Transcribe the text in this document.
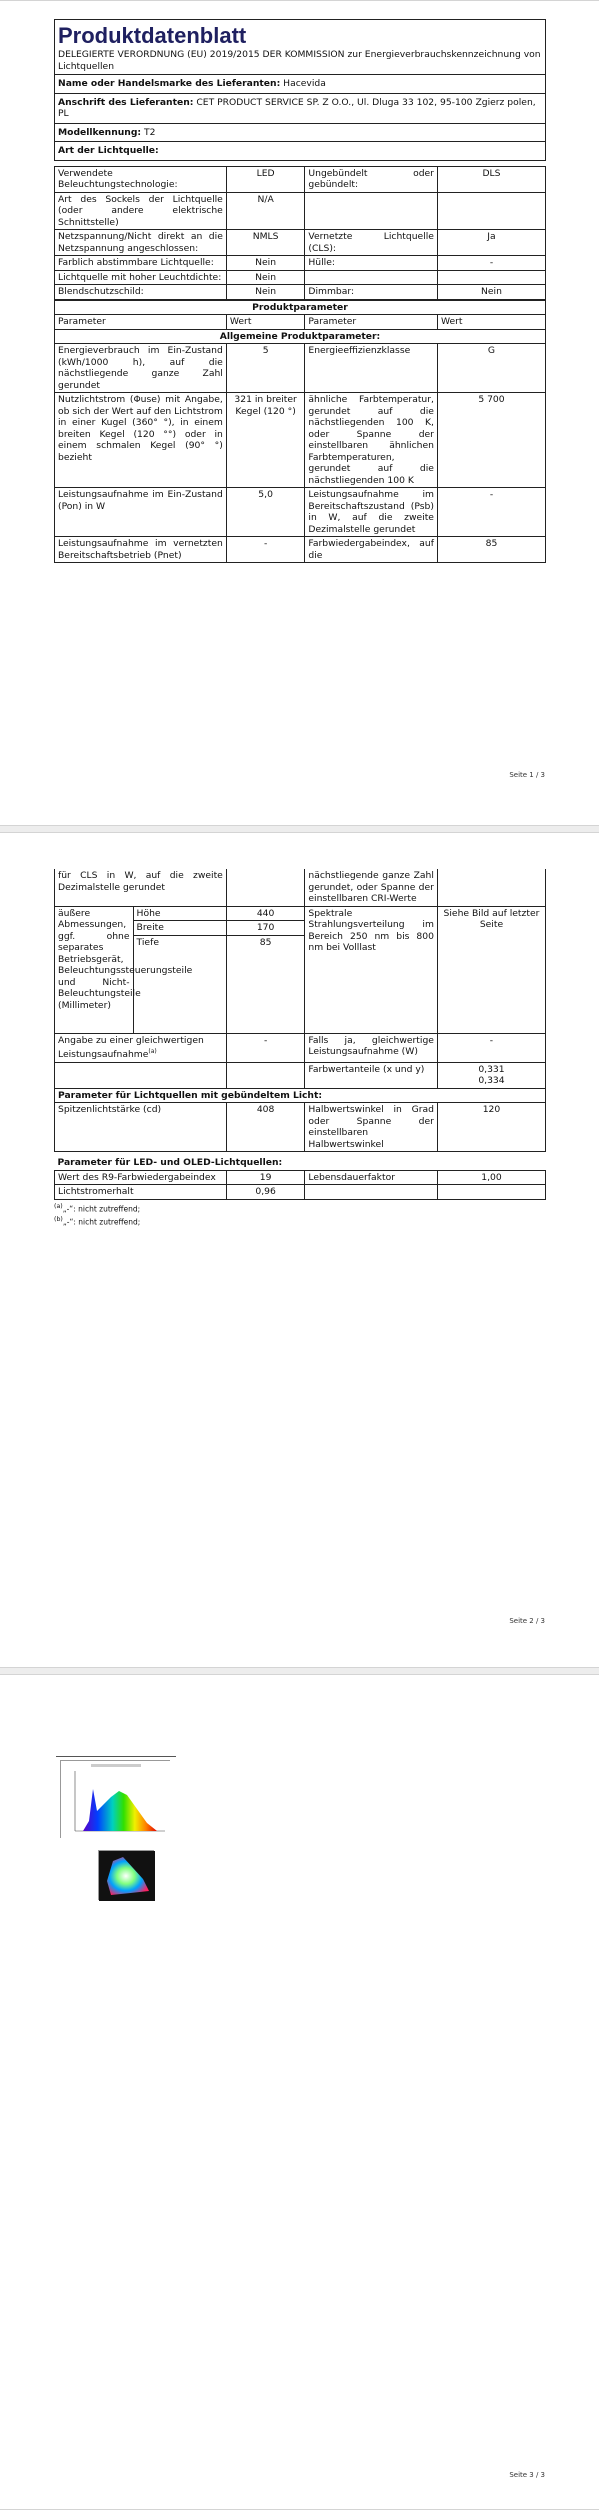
Produktdatenblatt
DELEGIERTE VERORDNUNG (EU) 2019/2015 DER KOMMISSION zur Energieverbrauchskennzeichnung von Lichtquellen
Name oder Handelsmarke des Lieferanten: Hacevida
Anschrift des Lieferanten: CET PRODUCT SERVICE SP. Z O.O., Ul. Dluga 33 102, 95-100 Zgierz polen, PL
Modellkennung: T2
Art der Lichtquelle:
Verwendete Beleuchtungstechnologie:	LED	Ungebündelt oder gebündelt:	DLS
Art des Sockels der Lichtquelle (oder andere elektrische Schnittstelle)	N/A		
Netzspannung/Nicht direkt an die Netzspannung angeschlossen:	NMLS	Vernetzte Lichtquelle (CLS):	Ja
Farblich abstimmbare Lichtquelle:	Nein	Hülle:	-
Lichtquelle mit hoher Leuchtdichte:	Nein		
Blendschutzschild:	Nein	Dimmbar:	Nein
Produktparameter			
Parameter	Wert	Parameter	Wert
Allgemeine Produktparameter:			
Energieverbrauch im Ein-Zustand (kWh/1000 h), auf die nächstliegende ganze Zahl gerundet	5	Energieeffizienzklasse	G
Nutzlichtstrom (Φuse) mit Angabe, ob sich der Wert auf den Lichtstrom in einer Kugel (360° °), in einem breiten Kegel (120 °°) oder in einem schmalen Kegel (90° °) bezieht	321 in breiter Kegel (120 °)	ähnliche Farbtemperatur, gerundet auf die nächstliegenden 100 K, oder Spanne der einstellbaren ähnlichen Farbtemperaturen, gerundet auf die nächstliegenden 100 K	5 700
Leistungsaufnahme im Ein-Zustand (Pon) in W	5,0	Leistungsaufnahme im Bereitschaftszustand (Psb) in W, auf die zweite Dezimalstelle gerundet	-
Leistungsaufnahme im vernetzten Bereitschaftsbetrieb (Pnet)	-	Farbwiedergabeindex, auf die	85
Seite 1 / 3
für CLS in W, auf die zweite Dezimalstelle gerundet			nächstliegende ganze Zahl gerundet, oder Spanne der einstellbaren CRI-Werte	
äußere Abmessungen, ggf. ohne separates Betriebsgerät, Beleuchtungssteuerungsteile und Nicht-Beleuchtungsteile (Millimeter)	Höhe	440	Spektrale Strahlungsverteilung im Bereich 250 nm bis 800 nm bei Volllast	Siehe Bild auf letzter Seite
	Breite	170		
	Tiefe	85		

Angabe zu einer gleichwertigen Leistungsaufnahme$^{(a)}$		-	Falls ja, gleichwertige Leistungsaufnahme (W)	-
			Farbwertanteile (x und y)	0,331
0,334
Parameter für Lichtquellen mit gebündeltem Licht:				
Spitzenlichtstärke (cd)		408	Halbwertswinkel in Grad oder Spanne der einstellbaren Halbwertswinkel	120
Parameter für LED- und OLED-Lichtquellen:				
Wert des R9-Farbwiedergabeindex		19	Lebensdauerfaktor	1,00
Lichtstromerhalt		0,96		
$^{(a)}$„-“: nicht zutreffend;
$^{(b)}$„-“: nicht zutreffend;
Seite 2 / 3
Seite 3 / 3
